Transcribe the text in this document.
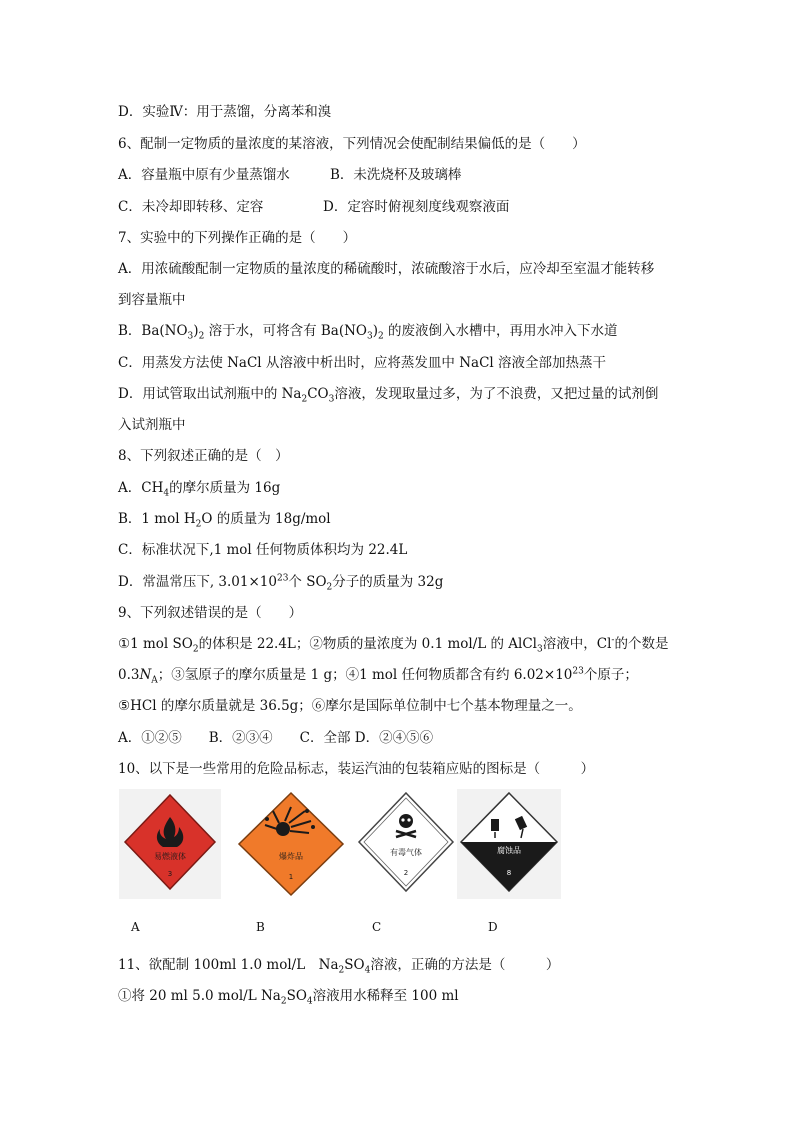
D．实验Ⅳ：用于蒸馏，分离苯和溴
6、配制一定物质的量浓度的某溶液，下列情况会使配制结果偏低的是（　　）
A．容量瓶中原有少量蒸馏水	B．未洗烧杯及玻璃棒
C．未冷却即转移、定容	D．定容时俯视刻度线观察液面
7、实验中的下列操作正确的是（　　）
A．用浓硫酸配制一定物质的量浓度的稀硫酸时，浓硫酸溶于水后，应冷却至室温才能转移
到容量瓶中
B．$Ba(NO_3)_2$ 溶于水，可将含有 $Ba(NO_3)_2$ 的废液倒入水槽中，再用水冲入下水道
C．用蒸发方法使 NaCl 从溶液中析出时，应将蒸发皿中 NaCl 溶液全部加热蒸干
D．用试管取出试剂瓶中的 $Na_2CO_3$溶液，发现取量过多，为了不浪费，又把过量的试剂倒
入试剂瓶中
8、下列叙述正确的是（　）
A．$CH_4$的摩尔质量为 16g
B．1 mol $H_2O$ 的质量为 18g/mol
C．标准状况下,1 mol 任何物质体积均为 22.4L
D．常温常压下, $3.01\times 10^{23}$个 $SO_2$分子的质量为 32g
9、下列叙述错误的是（　　）
①1 mol $SO_2$的体积是 22.4L；②物质的量浓度为 0.1 mol/L 的 AlCl$_3$溶液中，Cl-的个数是
$0.3N_A$；③氢原子的摩尔质量是 1 g；④1 mol 任何物质都含有约 $6.02\times 10^{23}$个原子；
⑤HCl 的摩尔质量就是 36.5g；⑥摩尔是国际单位制中七个基本物理量之一。
A．①②⑤　　B．②③④　　C．全部 D．②④⑤⑥
10、以下是一些常用的危险品标志，装运汽油的包装箱应贴的图标是（　　　）
易燃液体
3
爆炸品
1
有毒气体
2
腐蚀品
8
A	B	C	D
11、欲配制 100ml 1.0 mol/L　$Na_2SO_4$溶液，正确的方法是（　　　）
①将 20 ml 5.0 mol/L $Na_2SO_4$溶液用水稀释至 100 ml
